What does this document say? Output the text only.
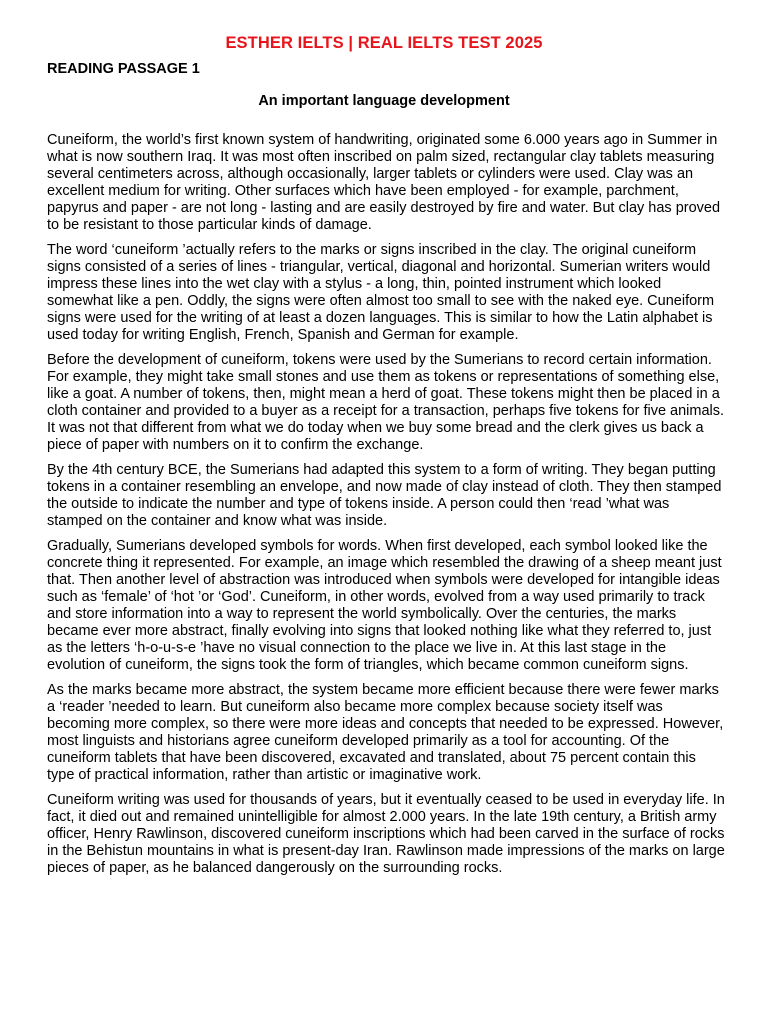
ESTHER IELTS | REAL IELTS TEST 2025
READING PASSAGE 1
An important language development

Cuneiform, the world’s first known system of handwriting, originated some 6.000 years ago in Summer in what is now southern Iraq. It was most often inscribed on palm sized, rectangular clay tablets measuring several centimeters across, although occasionally, larger tablets or cylinders were used. Clay was an excellent medium for writing. Other surfaces which have been employed - for example, parchment, papyrus and paper - are not long - lasting and are easily destroyed by fire and water. But clay has proved to be resistant to those particular kinds of damage.

The word ‘cuneiform ’actually refers to the marks or signs inscribed in the clay. The original cuneiform signs consisted of a series of lines - triangular, vertical, diagonal and horizontal. Sumerian writers would impress these lines into the wet clay with a stylus - a long, thin, pointed instrument which looked somewhat like a pen. Oddly, the signs were often almost too small to see with the naked eye. Cuneiform signs were used for the writing of at least a dozen languages. This is similar to how the Latin alphabet is used today for writing English, French, Spanish and German for example.

Before the development of cuneiform, tokens were used by the Sumerians to record certain information. For example, they might take small stones and use them as tokens or representations of something else, like a goat. A number of tokens, then, might mean a herd of goat. These tokens might then be placed in a cloth container and provided to a buyer as a receipt for a transaction, perhaps five tokens for five animals. It was not that different from what we do today when we buy some bread and the clerk gives us back a piece of paper with numbers on it to confirm the exchange.

By the 4th century BCE, the Sumerians had adapted this system to a form of writing. They began putting tokens in a container resembling an envelope, and now made of clay instead of cloth. They then stamped the outside to indicate the number and type of tokens inside. A person could then ‘read ’what was stamped on the container and know what was inside.

Gradually, Sumerians developed symbols for words. When first developed, each symbol looked like the concrete thing it represented. For example, an image which resembled the drawing of a sheep meant just that. Then another level of abstraction was introduced when symbols were developed for intangible ideas such as ‘female’ of ‘hot ’or ‘God’. Cuneiform, in other words, evolved from a way used primarily to track and store information into a way to represent the world symbolically. Over the centuries, the marks became ever more abstract, finally evolving into signs that looked nothing like what they referred to, just as the letters ‘h-o-u-s-e ’have no visual connection to the place we live in. At this last stage in the evolution of cuneiform, the signs took the form of triangles, which became common cuneiform signs.

As the marks became more abstract, the system became more efficient because there were fewer marks a ‘reader ’needed to learn. But cuneiform also became more complex because society itself was becoming more complex, so there were more ideas and concepts that needed to be expressed. However, most linguists and historians agree cuneiform developed primarily as a tool for accounting. Of the cuneiform tablets that have been discovered, excavated and translated, about 75 percent contain this type of practical information, rather than artistic or imaginative work.

Cuneiform writing was used for thousands of years, but it eventually ceased to be used in everyday life. In fact, it died out and remained unintelligible for almost 2.000 years. In the late 19th century, a British army officer, Henry Rawlinson, discovered cuneiform inscriptions which had been carved in the surface of rocks in the Behistun mountains in what is present-day Iran. Rawlinson made impressions of the marks on large pieces of paper, as he balanced dangerously on the surrounding rocks.
